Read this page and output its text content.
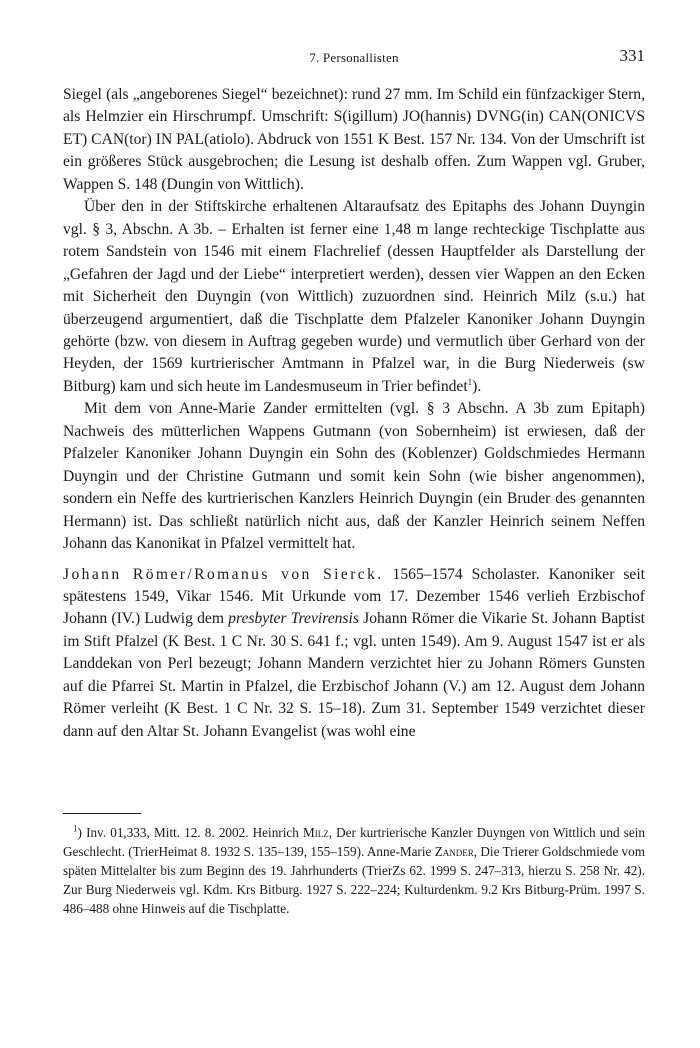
7. Personallisten	331

Siegel (als „angeborenes Siegel“ bezeichnet): rund 27 mm. Im Schild ein fünfzackiger Stern, als Helmzier ein Hirschrumpf. Umschrift: S(igillum) JO(hannis) DVNG(in) CAN(ONICVS ET) CAN(tor) IN PAL(atiolo). Abdruck von 1551 K Best. 157 Nr. 134. Von der Umschrift ist ein größeres Stück ausgebrochen; die Lesung ist deshalb offen. Zum Wappen vgl. Gruber, Wappen S. 148 (Dungin von Wittlich).

Über den in der Stiftskirche erhaltenen Altaraufsatz des Epitaphs des Johann Duyngin vgl. § 3, Abschn. A 3b. – Erhalten ist ferner eine 1,48 m lange rechteckige Tischplatte aus rotem Sandstein von 1546 mit einem Flachrelief (dessen Hauptfelder als Darstellung der „Gefahren der Jagd und der Liebe“ interpretiert werden), dessen vier Wappen an den Ecken mit Sicherheit den Duyngin (von Wittlich) zuzuordnen sind. Heinrich Milz (s.u.) hat überzeugend argumentiert, daß die Tischplatte dem Pfalzeler Kanoniker Johann Duyngin gehörte (bzw. von diesem in Auftrag gegeben wurde) und vermutlich über Gerhard von der Heyden, der 1569 kurtrierischer Amtmann in Pfalzel war, in die Burg Niederweis (sw Bitburg) kam und sich heute im Landesmuseum in Trier befindet$^1$).

Mit dem von Anne-Marie Zander ermittelten (vgl. § 3 Abschn. A 3b zum Epitaph) Nachweis des mütterlichen Wappens Gutmann (von Sobernheim) ist erwiesen, daß der Pfalzeler Kanoniker Johann Duyngin ein Sohn des (Koblenzer) Goldschmiedes Hermann Duyngin und der Christine Gutmann und somit kein Sohn (wie bisher angenommen), sondern ein Neffe des kurtrierischen Kanzlers Heinrich Duyngin (ein Bruder des genannten Hermann) ist. Das schließt natürlich nicht aus, daß der Kanzler Heinrich seinem Neffen Johann das Kanonikat in Pfalzel vermittelt hat.

Johann Römer/Romanus von Sierck. 1565–1574 Scholaster. Kanoniker seit spätestens 1549, Vikar 1546. Mit Urkunde vom 17. Dezember 1546 verlieh Erzbischof Johann (IV.) Ludwig dem presbyter Trevirensis Johann Römer die Vikarie St. Johann Baptist im Stift Pfalzel (K Best. 1 C Nr. 30 S. 641 f.; vgl. unten 1549). Am 9. August 1547 ist er als Landdekan von Perl bezeugt; Johann Mandern verzichtet hier zu Johann Römers Gunsten auf die Pfarrei St. Martin in Pfalzel, die Erzbischof Johann (V.) am 12. August dem Johann Römer verleiht (K Best. 1 C Nr. 32 S. 15–18). Zum 31. September 1549 verzichtet dieser dann auf den Altar St. Johann Evangelist (was wohl eine

$^1$) Inv. 01,333, Mitt. 12. 8. 2002. Heinrich Milz, Der kurtrierische Kanzler Duyngen von Wittlich und sein Geschlecht. (TrierHeimat 8. 1932 S. 135–139, 155–159). Anne-Marie Zander, Die Trierer Goldschmiede vom späten Mittelalter bis zum Beginn des 19. Jahrhunderts (TrierZs 62. 1999 S. 247–313, hierzu S. 258 Nr. 42). Zur Burg Niederweis vgl. Kdm. Krs Bitburg. 1927 S. 222–224; Kulturdenkm. 9.2 Krs Bitburg-Prüm. 1997 S. 486–488 ohne Hinweis auf die Tischplatte.
